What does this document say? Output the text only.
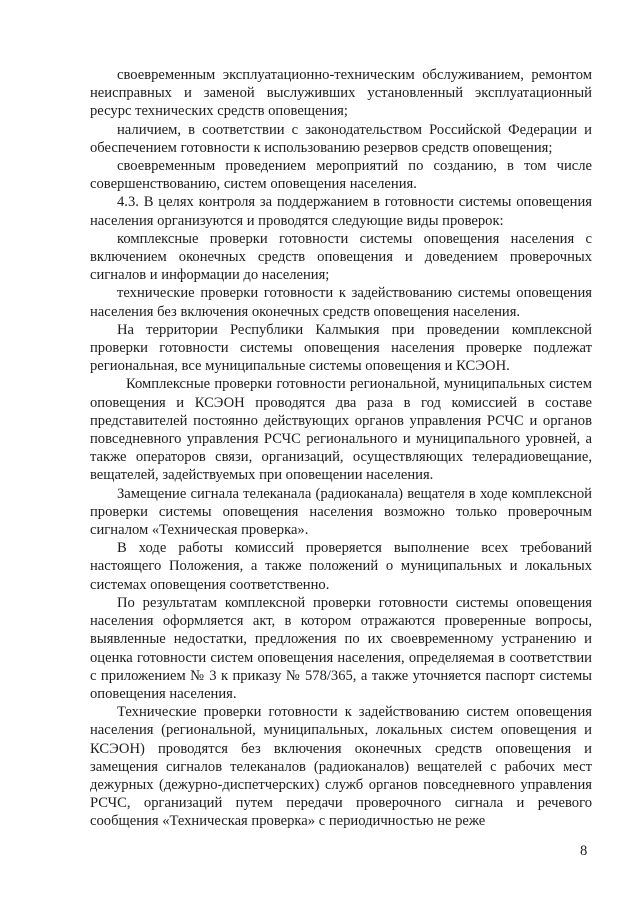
своевременным эксплуатационно-техническим обслуживанием, ремонтом неисправных и заменой выслуживших установленный эксплуатационный ресурс технических средств оповещения;

наличием, в соответствии с законодательством Российской Федерации и обеспечением готовности к использованию резервов средств оповещения;

своевременным проведением мероприятий по созданию, в том числе совершенствованию, систем оповещения населения.

4.3. В целях контроля за поддержанием в готовности системы оповещения населения организуются и проводятся следующие виды проверок:

комплексные проверки готовности системы оповещения населения с включением оконечных средств оповещения и доведением проверочных сигналов и информации до населения;

технические проверки готовности к задействованию системы оповещения населения без включения оконечных средств оповещения населения.

На территории Республики Калмыкия при проведении комплексной проверки готовности системы оповещения населения проверке подлежат региональная, все муниципальные системы оповещения и КСЭОН.

Комплексные проверки готовности региональной, муниципальных систем оповещения и КСЭОН проводятся два раза в год комиссией в составе представителей постоянно действующих органов управления РСЧС и органов повседневного управления РСЧС регионального и муниципального уровней, а также операторов связи, организаций, осуществляющих телерадиовещание, вещателей, задействуемых при оповещении населения.

Замещение сигнала телеканала (радиоканала) вещателя в ходе комплексной проверки системы оповещения населения возможно только проверочным сигналом «Техническая проверка».

В ходе работы комиссий проверяется выполнение всех требований настоящего Положения, а также положений о муниципальных и локальных системах оповещения соответственно.

По результатам комплексной проверки готовности системы оповещения населения оформляется акт, в котором отражаются проверенные вопросы, выявленные недостатки, предложения по их своевременному устранению и оценка готовности систем оповещения населения, определяемая в соответствии с приложением № 3 к приказу № 578/365, а также уточняется паспорт системы оповещения населения.

Технические проверки готовности к задействованию систем оповещения населения (региональной, муниципальных, локальных систем оповещения и КСЭОН) проводятся без включения оконечных средств оповещения и замещения сигналов телеканалов (радиоканалов) вещателей с рабочих мест дежурных (дежурно-диспетчерских) служб органов повседневного управления РСЧС, организаций путем передачи проверочного сигнала и речевого сообщения «Техническая проверка» с периодичностью не реже

8
